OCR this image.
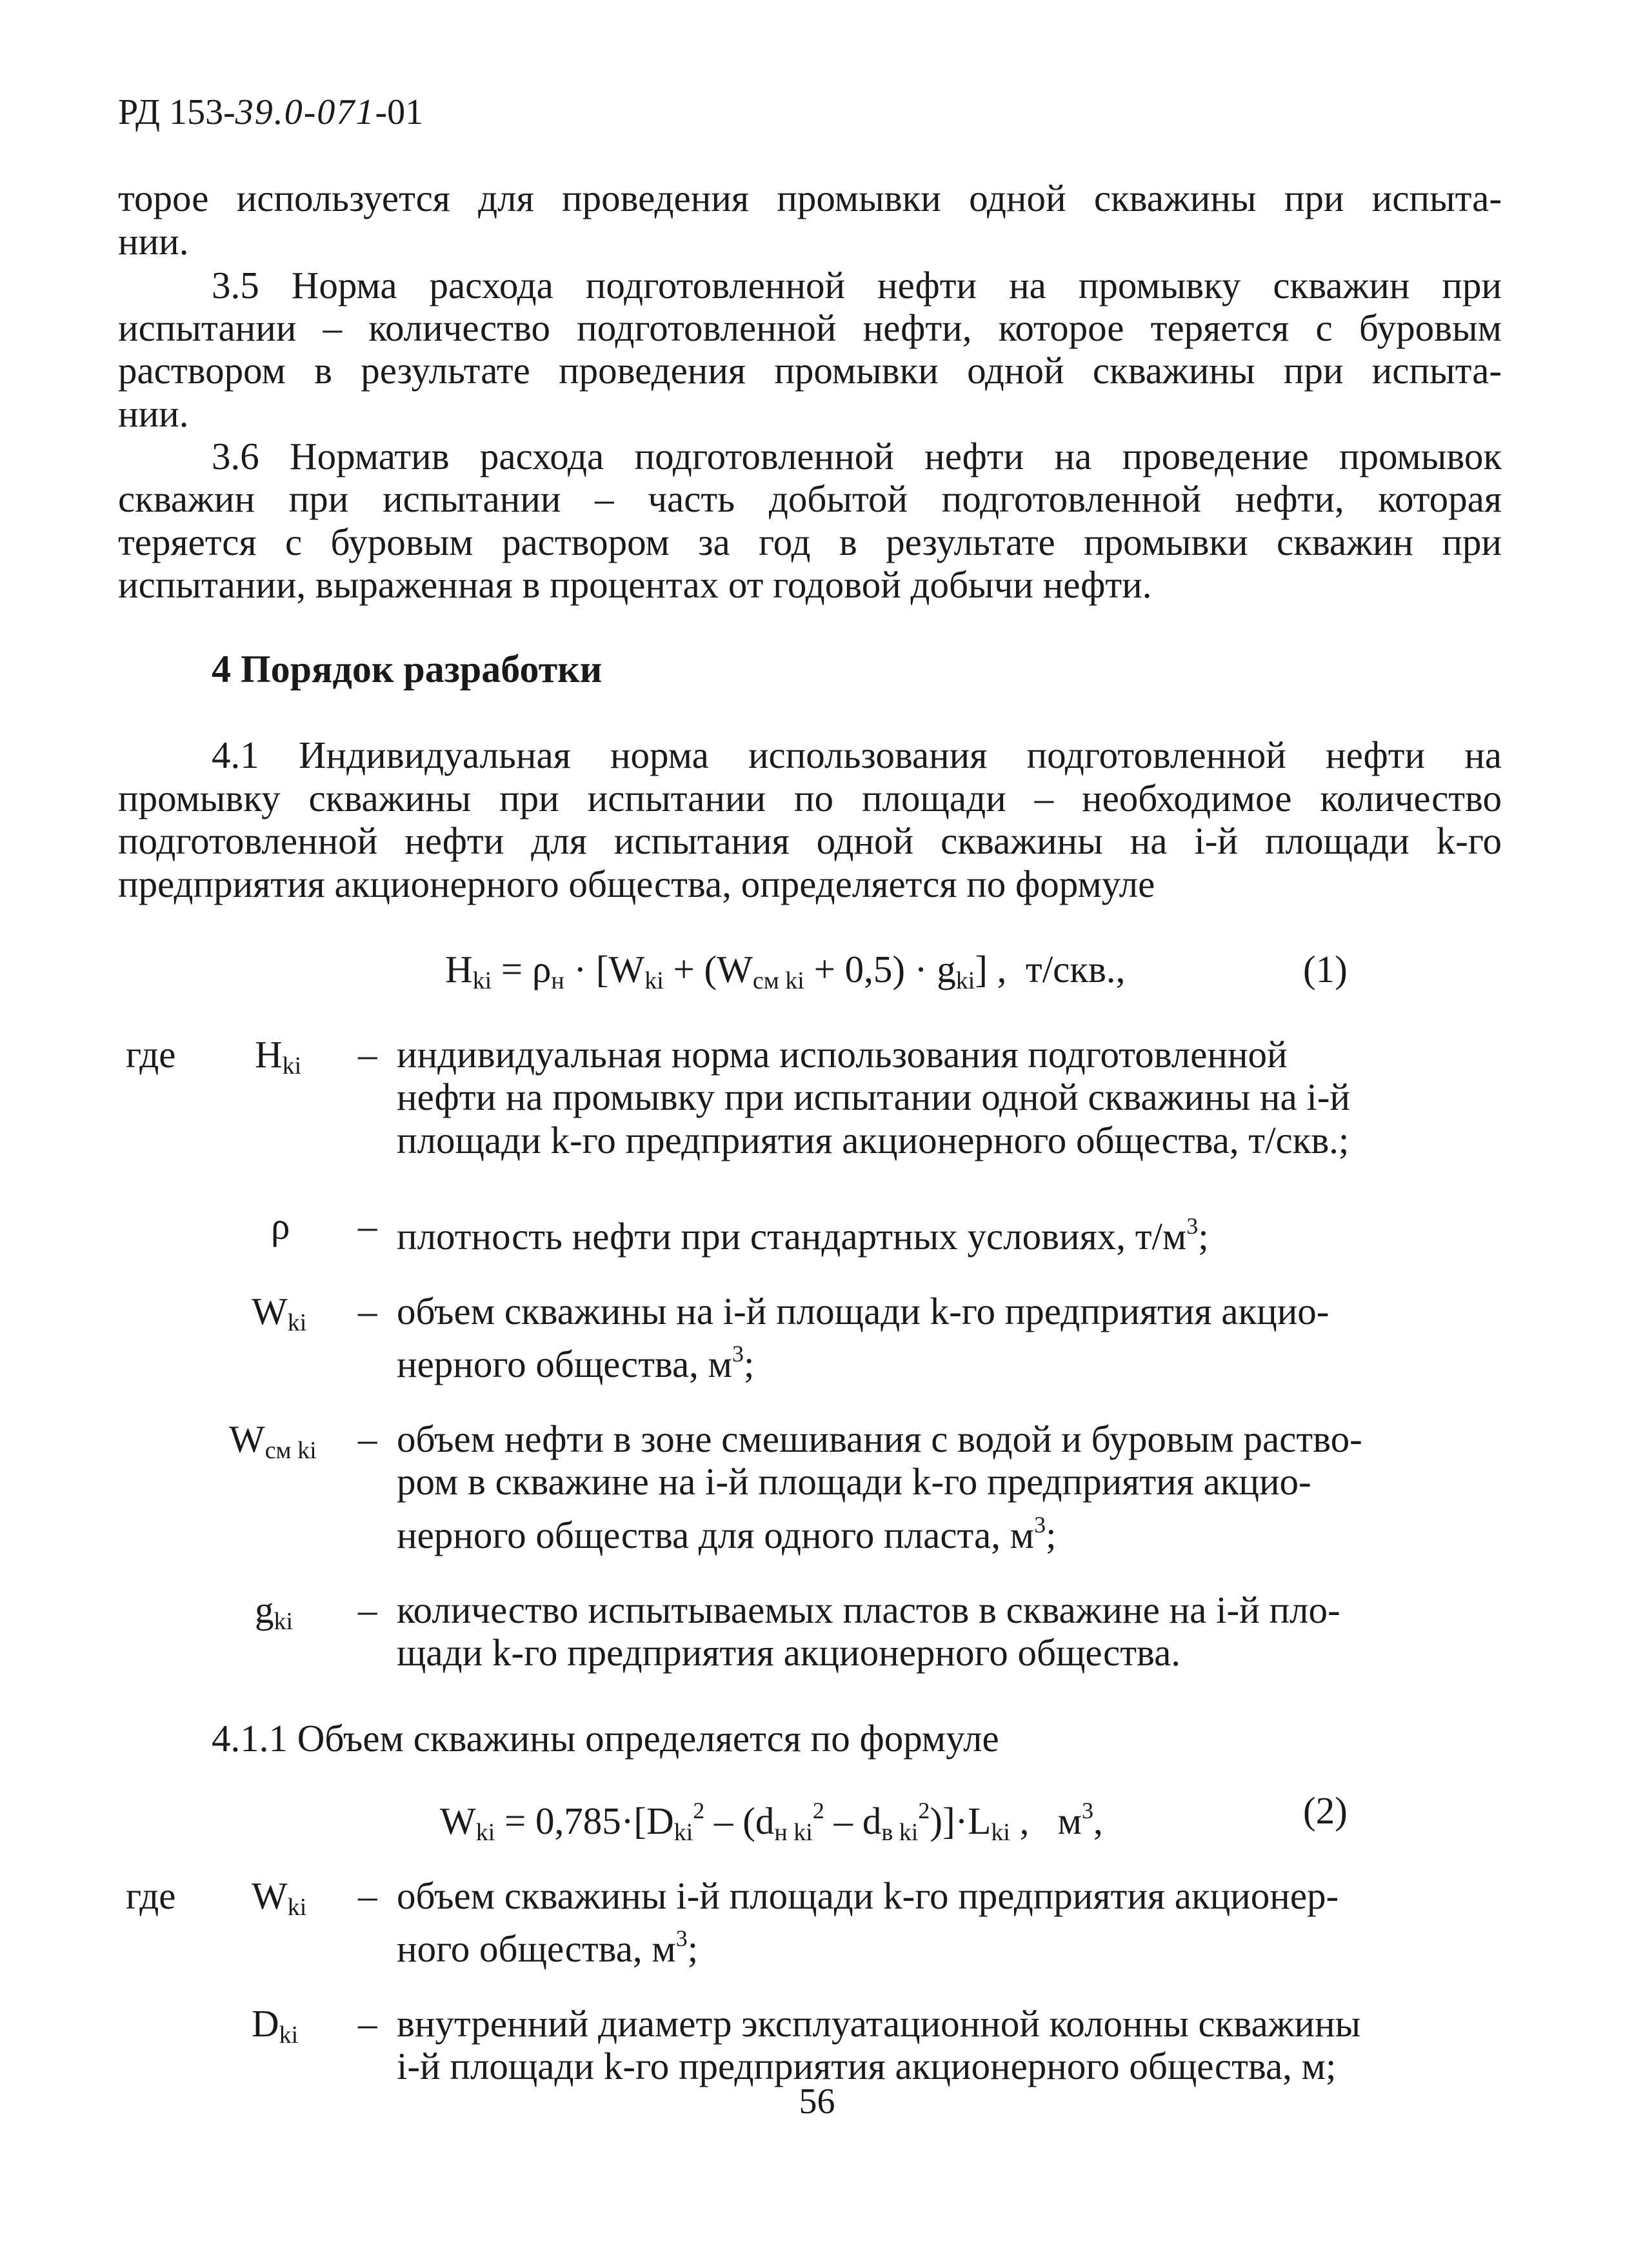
РД 153-39.0-071-01
торое используется для проведения промывки одной скважины при испыта-
нии.
3.5 Норма расхода подготовленной нефти на промывку скважин при
испытании – количество подготовленной нефти, которое теряется с буровым
раствором в результате проведения промывки одной скважины при испыта-
нии.
3.6 Норматив расхода подготовленной нефти на проведение промывок
скважин при испытании – часть добытой подготовленной нефти, которая
теряется с буровым раствором за год в результате промывки скважин при
испытании, выраженная в процентах от годовой добычи нефти.
4 Порядок разработки
4.1 Индивидуальная норма использования подготовленной нефти на
промывку скважины при испытании по площади – необходимое количество
подготовленной нефти для испытания одной скважины на i-й площади k-го
предприятия акционерного общества, определяется по формуле
$H_{ki} = \rho_н \cdot [W_{ki} + (W_{см ki} + 0,5) \cdot g_{ki}]$ ,  т/скв.,	(1)
где $H_{ki}$ – индивидуальная норма использования подготовленной
нефти на промывку при испытании одной скважины на i-й
площади k-го предприятия акционерного общества, т/скв.;
ρ – плотность нефти при стандартных условиях, $т/м^3$;
$W_{ki}$ – объем скважины на i-й площади k-го предприятия акцио-
нерного общества, $м^3$;
$W_{см ki}$ – объем нефти в зоне смешивания с водой и буровым раство-
ром в скважине на i-й площади k-го предприятия акцио-
нерного общества для одного пласта, $м^3$;
$g_{ki}$ – количество испытываемых пластов в скважине на i-й пло-
щади k-го предприятия акционерного общества.
4.1.1 Объем скважины определяется по формуле
$W_{ki} = 0,785\cdot[D_{ki}^2 - (d_{н ki}^2 - d_{в ki}^2)]\cdot L_{ki}$ ,   $м^3$,	(2)
где $W_{ki}$ – объем скважины i-й площади k-го предприятия акционер-
ного общества, $м^3$;
$D_{ki}$ – внутренний диаметр эксплуатационной колонны скважины
i-й площади k-го предприятия акционерного общества, м;
56
